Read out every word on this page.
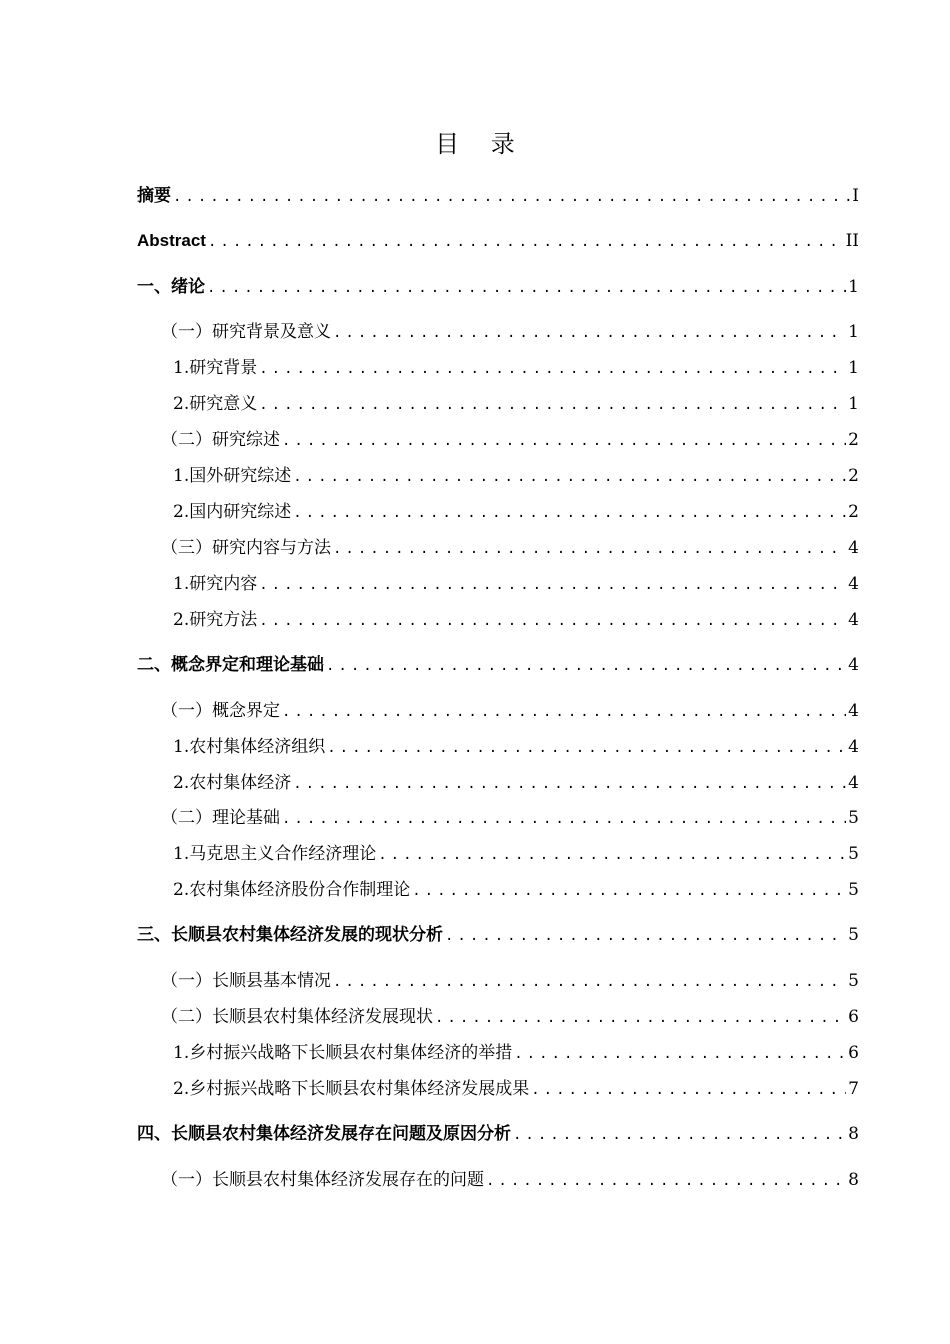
目 录
摘要 .....	I
Abstract .....	II
一、绪论 .....	1
（一）研究背景及意义 .....	1
1.研究背景 .....	1
2.研究意义 .....	1
（二）研究综述 .....	2
1.国外研究综述 .....	2
2.国内研究综述 .....	2
（三）研究内容与方法 .....	4
1.研究内容 .....	4
2.研究方法 .....	4
二、概念界定和理论基础 .....	4
（一）概念界定 .....	4
1.农村集体经济组织 .....	4
2.农村集体经济 .....	4
（二）理论基础 .....	5
1.马克思主义合作经济理论 .....	5
2.农村集体经济股份合作制理论 .....	5
三、长顺县农村集体经济发展的现状分析 .....	5
（一）长顺县基本情况 .....	5
（二）长顺县农村集体经济发展现状 .....	6
1.乡村振兴战略下长顺县农村集体经济的举措 .....	6
2.乡村振兴战略下长顺县农村集体经济发展成果 .....	7
四、长顺县农村集体经济发展存在问题及原因分析 .....	8
（一）长顺县农村集体经济发展存在的问题 .....	8
